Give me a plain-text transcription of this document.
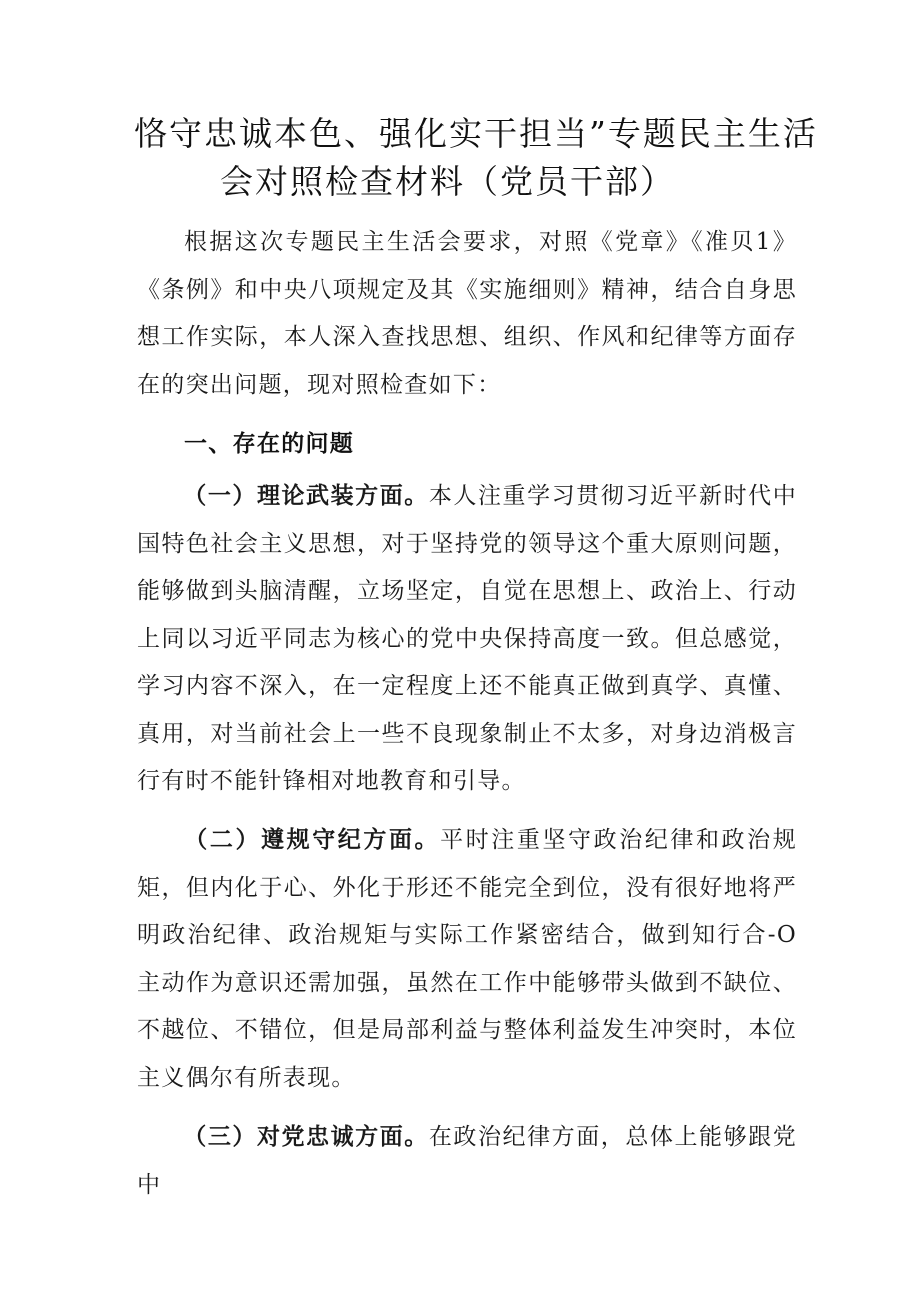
恪守忠诚本色、强化实干担当”专题民主生活
会对照检查材料（党员干部）
根据这次专题民主生活会要求，对照《党章》《准贝1》《条例》和中央八项规定及其《实施细则》精神，结合自身思想工作实际，本人深入查找思想、组织、作风和纪律等方面存在的突出问题，现对照检查如下：
一、存在的问题
（一）理论武装方面。本人注重学习贯彻习近平新时代中国特色社会主义思想，对于坚持党的领导这个重大原则问题，能够做到头脑清醒，立场坚定，自觉在思想上、政治上、行动上同以习近平同志为核心的党中央保持高度一致。但总感觉，学习内容不深入，在一定程度上还不能真正做到真学、真懂、真用，对当前社会上一些不良现象制止不太多，对身边消极言行有时不能针锋相对地教育和引导。
（二）遵规守纪方面。平时注重坚守政治纪律和政治规矩，但内化于心、外化于形还不能完全到位，没有很好地将严明政治纪律、政治规矩与实际工作紧密结合，做到知行合-O主动作为意识还需加强，虽然在工作中能够带头做到不缺位、不越位、不错位，但是局部利益与整体利益发生冲突时，本位主义偶尔有所表现。
（三）对党忠诚方面。在政治纪律方面，总体上能够跟党中
